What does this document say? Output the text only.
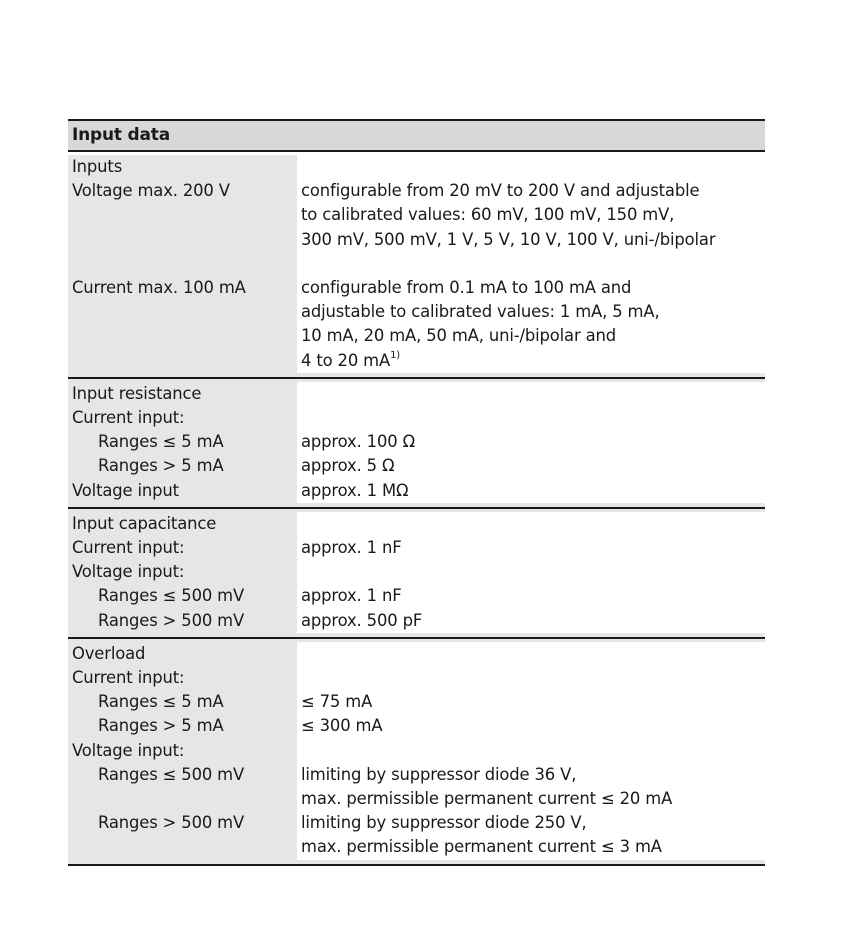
Input data
Inputs
Voltage max. 200 V	configurable from 20 mV to 200 V and adjustable
to calibrated values: 60 mV, 100 mV, 150 mV,
300 mV, 500 mV, 1 V, 5 V, 10 V, 100 V, uni-/bipolar
Current max. 100 mA	configurable from 0.1 mA to 100 mA and
adjustable to calibrated values: 1 mA, 5 mA,
10 mA, 20 mA, 50 mA, uni-/bipolar and
4 to 20 $mA^{1)}$
Input resistance
Current input:
Ranges ≤ 5 mA	approx. 100 Ω
Ranges > 5 mA	approx. 5 Ω
Voltage input	approx. 1 MΩ
Input capacitance
Current input:	approx. 1 nF
Voltage input:
Ranges ≤ 500 mV	approx. 1 nF
Ranges > 500 mV	approx. 500 pF
Overload
Current input:
Ranges ≤ 5 mA	≤ 75 mA
Ranges > 5 mA	≤ 300 mA
Voltage input:
Ranges ≤ 500 mV	limiting by suppressor diode 36 V,
max. permissible permanent current ≤ 20 mA
Ranges > 500 mV	limiting by suppressor diode 250 V,
max. permissible permanent current ≤ 3 mA
